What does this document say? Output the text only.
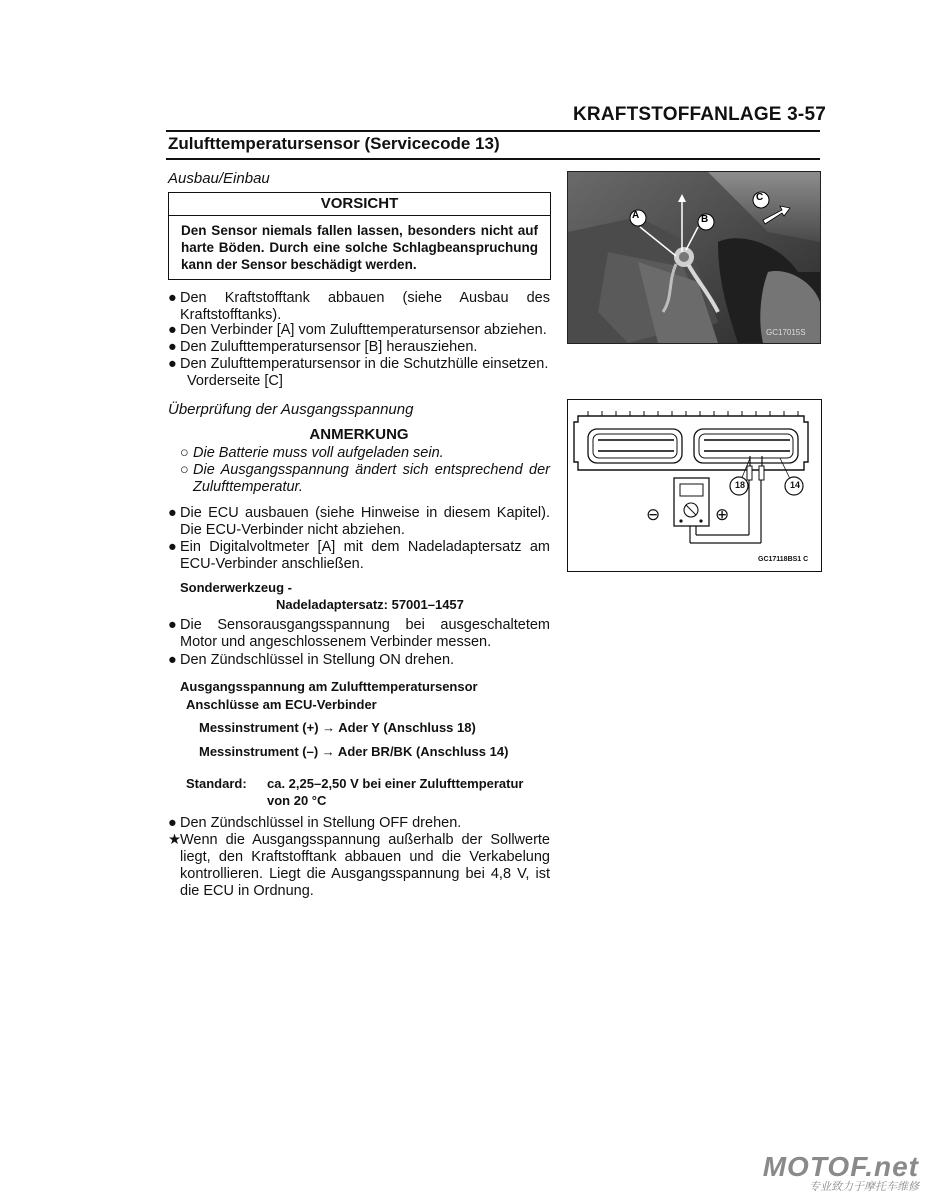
KRAFTSTOFFANLAGE 3-57
Zulufttemperatursensor (Servicecode 13)
Ausbau/Einbau
VORSICHT
Den Sensor niemals fallen lassen, besonders nicht auf harte Böden. Durch eine solche Schlagbeanspruchung kann der Sensor beschädigt werden.
● Den Kraftstofftank abbauen (siehe Ausbau des Kraftstofftanks).
● Den Verbinder [A] vom Zulufttemperatursensor abziehen.
● Den Zulufttemperatursensor [B] herausziehen.
● Den Zulufttemperatursensor in die Schutzhülle einsetzen.
Vorderseite [C]
Überprüfung der Ausgangsspannung
ANMERKUNG
○ Die Batterie muss voll aufgeladen sein.
○ Die Ausgangsspannung ändert sich entsprechend der Zulufttemperatur.
● Die ECU ausbauen (siehe Hinweise in diesem Kapitel). Die ECU-Verbinder nicht abziehen.
● Ein Digitalvoltmeter [A] mit dem Nadeladaptersatz am ECU-Verbinder anschließen.
Sonderwerkzeug -
Nadeladaptersatz: 57001–1457
● Die Sensorausgangsspannung bei ausgeschaltetem Motor und angeschlossenem Verbinder messen.
● Den Zündschlüssel in Stellung ON drehen.
Ausgangsspannung am Zulufttemperatursensor
Anschlüsse am ECU-Verbinder
Messinstrument (+) → Ader Y (Anschluss 18)
Messinstrument (–) → Ader BR/BK (Anschluss 14)
Standard: ca. 2,25–2,50 V bei einer Zulufttemperatur
von 20 °C
● Den Zündschlüssel in Stellung OFF drehen.
★ Wenn die Ausgangsspannung außerhalb der Sollwerte liegt, den Kraftstofftank abbauen und die Verkabelung kontrollieren. Liegt die Ausgangsspannung bei 4,8 V, ist die ECU in Ordnung.
A	B
C
GC17015S
18	14
⊖	⊕
GC17118BS1 C
MOTOF.net
专业致力于摩托车维修
